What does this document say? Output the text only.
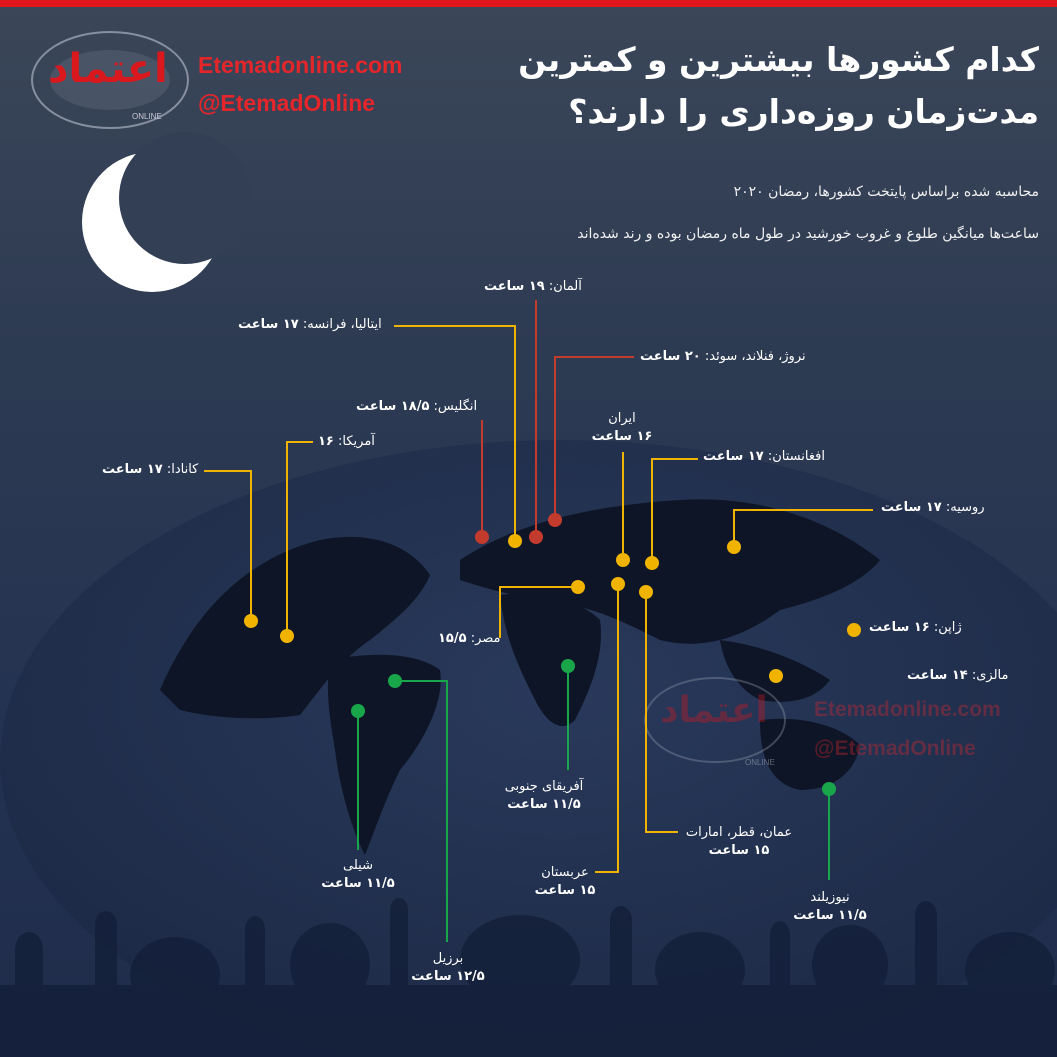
اعتماد Etemadonline.com
@EtemadOnline
اعتماد
ONLINE
ONLINE
Etemadonline.com
@EtemadOnline
کدام کشورها بیشترین و کمترین
مدت‌زمان روزه‌داری را دارند؟
محاسبه شده براساس پایتخت کشورها، رمضان ۲۰۲۰
ساعت‌ها میانگین طلوع و غروب خورشید در طول ماه رمضان بوده و رند شده‌اند
کانادا: ۱۷ ساعت
آمریکا: ۱۶
انگلیس: ۱۸/۵ ساعت
ایتالیا، فرانسه: ۱۷ ساعت
آلمان: ۱۹ ساعت
نروژ، فنلاند، سوئد: ۲۰ ساعت
ایران
۱۶ ساعت
افغانستان: ۱۷ ساعت
روسیه: ۱۷ ساعت
ژاپن: ۱۶ ساعت
مالزی: ۱۴ ساعت
مصر: ۱۵/۵
عمان، قطر، امارات
۱۵ ساعت
عربستان
۱۵ ساعت
آفریقای جنوبی
۱۱/۵ ساعت
نیوزیلند
۱۱/۵ ساعت
شیلی
۱۱/۵ ساعت
برزیل
۱۲/۵ ساعت
